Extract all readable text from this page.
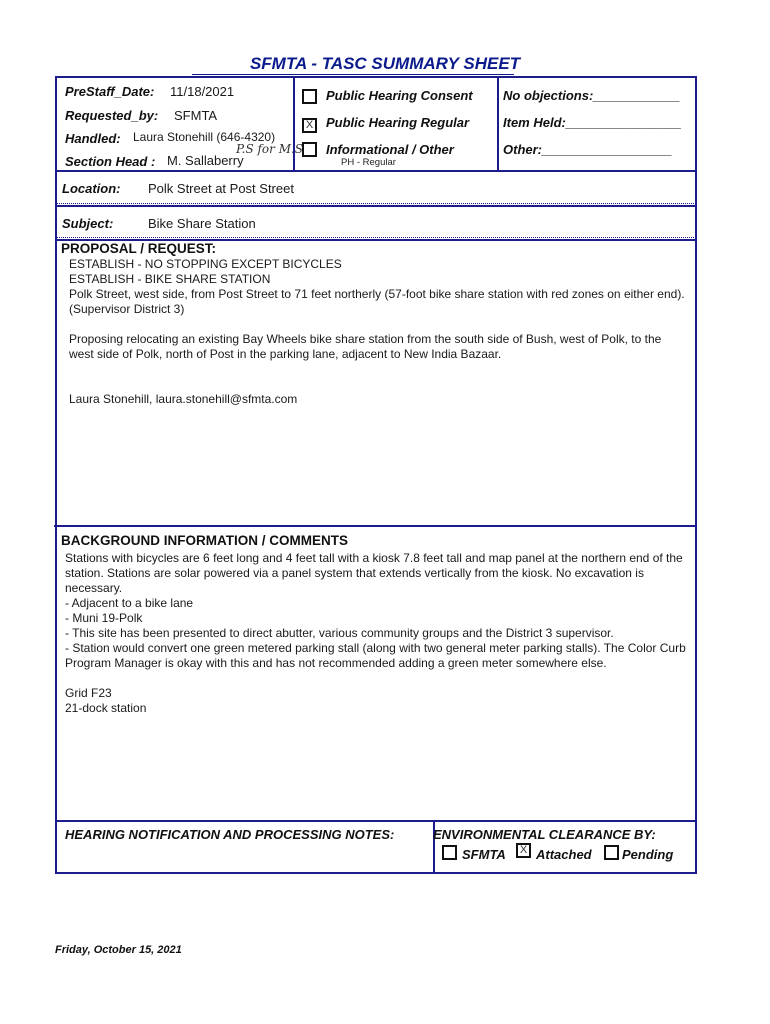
SFMTA - TASC SUMMARY SHEET
PreStaff_Date: 11/18/2021
Requested_by: SFMTA
Handled: Laura Stonehill (646-4320)
Section Head : M. Sallaberry
P.S for M.S
Public Hearing Consent
X Public Hearing Regular
Informational / Other
PH - Regular
No objections:____________
Item Held:________________
Other:__________________
Location: Polk Street at Post Street
Subject:	Bike Share Station
PROPOSAL / REQUEST:

ESTABLISH - NO STOPPING EXCEPT BICYCLES

ESTABLISH - BIKE SHARE STATION

Polk Street, west side, from Post Street to 71 feet northerly (57-foot bike share station with red zones on either end).

(Supervisor District 3)

Proposing relocating an existing Bay Wheels bike share station from the south side of Bush, west of Polk, to the west side of Polk, north of Post in the parking lane, adjacent to New India Bazaar.

Laura Stonehill, laura.stonehill@sfmta.com

BACKGROUND INFORMATION / COMMENTS

Stations with bicycles are 6 feet long and 4 feet tall with a kiosk 7.8 feet tall and map panel at the northern end of the station. Stations are solar powered via a panel system that extends vertically from the kiosk. No excavation is necessary.

- Adjacent to a bike lane

- Muni 19-Polk

- This site has been presented to direct abutter, various community groups and the District 3 supervisor.

- Station would convert one green metered parking stall (along with two general meter parking stalls). The Color Curb Program Manager is okay with this and has not recommended adding a green meter somewhere else.

Grid F23

21-dock station

HEARING NOTIFICATION AND PROCESSING NOTES:	ENVIRONMENTAL CLEARANCE BY:
SFMTA	X Attached Pending
Friday, October 15, 2021
